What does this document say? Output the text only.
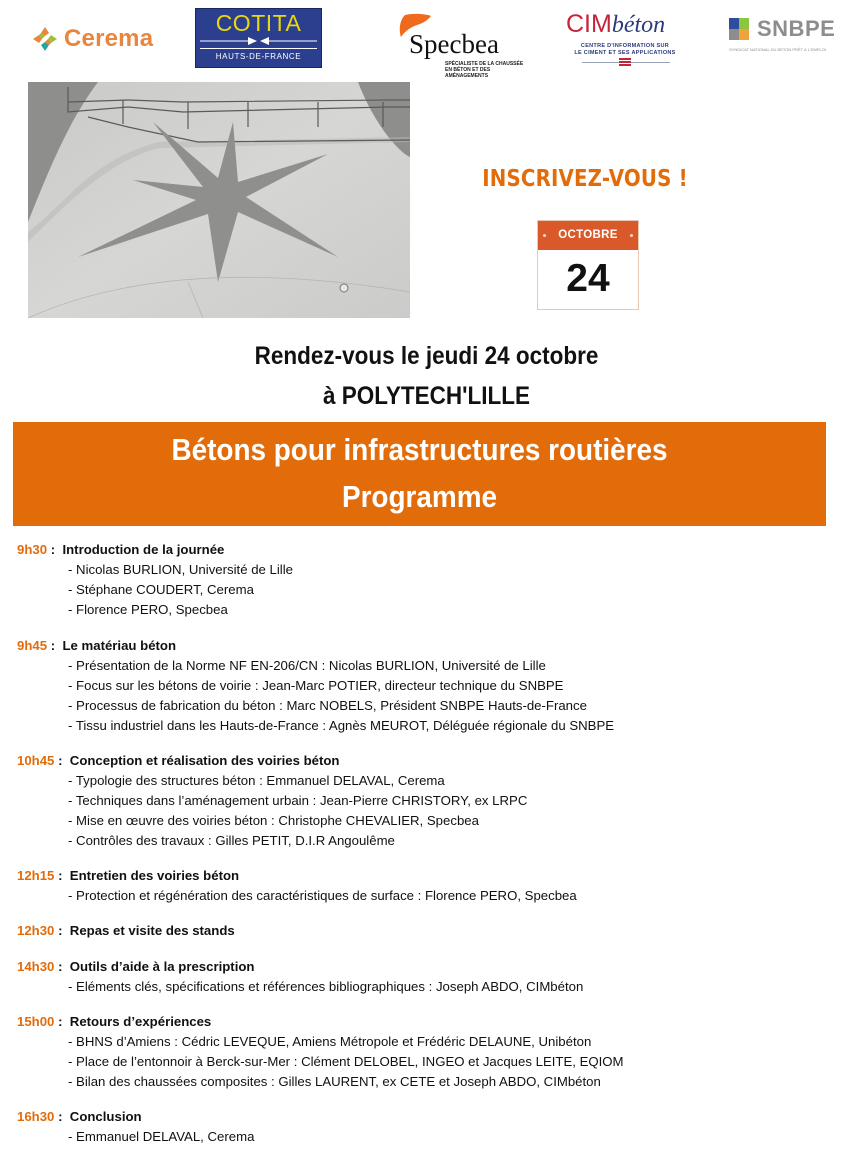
Cerema
COTITA
HAUTS-DE-FRANCE	Specbea
SPÉCIALISTE DE LA CHAUSSÉE
EN BÉTON ET DES AMÉNAGEMENTS
CIMbéton
CENTRE D'INFORMATION SUR
LE CIMENT ET SES APPLICATIONS
SNBPE
SYNDICAT NATIONAL DU BÉTON PRÊT À L'EMPLOI
INSCRIVEZ-VOUS !
OCTOBRE
24
Rendez-vous le jeudi 24 octobre
à POLYTECH'LILLE
Bétons pour infrastructures routières
Programme
9h30 :  Introduction de la journée
- Nicolas BURLION, Université de Lille
- Stéphane COUDERT, Cerema
- Florence PERO, Specbea
9h45 :  Le matériau béton
- Présentation de la Norme NF EN-206/CN : Nicolas BURLION, Université de Lille
- Focus sur les bétons de voirie : Jean-Marc POTIER, directeur technique du SNBPE
- Processus de fabrication du béton : Marc NOBELS, Président SNBPE Hauts-de-France
- Tissu industriel dans les Hauts-de-France : Agnès MEUROT, Déléguée régionale du SNBPE
10h45 :  Conception et réalisation des voiries béton
- Typologie des structures béton : Emmanuel DELAVAL, Cerema
- Techniques dans l’aménagement urbain : Jean-Pierre CHRISTORY, ex LRPC
- Mise en œuvre des voiries béton : Christophe CHEVALIER, Specbea
- Contrôles des travaux : Gilles PETIT, D.I.R Angoulême
12h15 :  Entretien des voiries béton
- Protection et régénération des caractéristiques de surface : Florence PERO, Specbea
12h30 :  Repas et visite des stands
14h30 :  Outils d’aide à la prescription
- Eléments clés, spécifications et références bibliographiques : Joseph ABDO, CIMbéton
15h00 :  Retours d’expériences
- BHNS d’Amiens : Cédric LEVEQUE, Amiens Métropole et Frédéric DELAUNE, Unibéton
- Place de l’entonnoir à Berck-sur-Mer : Clément DELOBEL, INGEO et Jacques LEITE, EQIOM
- Bilan des chaussées composites : Gilles LAURENT, ex CETE et Joseph ABDO, CIMbéton
16h30 :  Conclusion
- Emmanuel DELAVAL, Cerema
